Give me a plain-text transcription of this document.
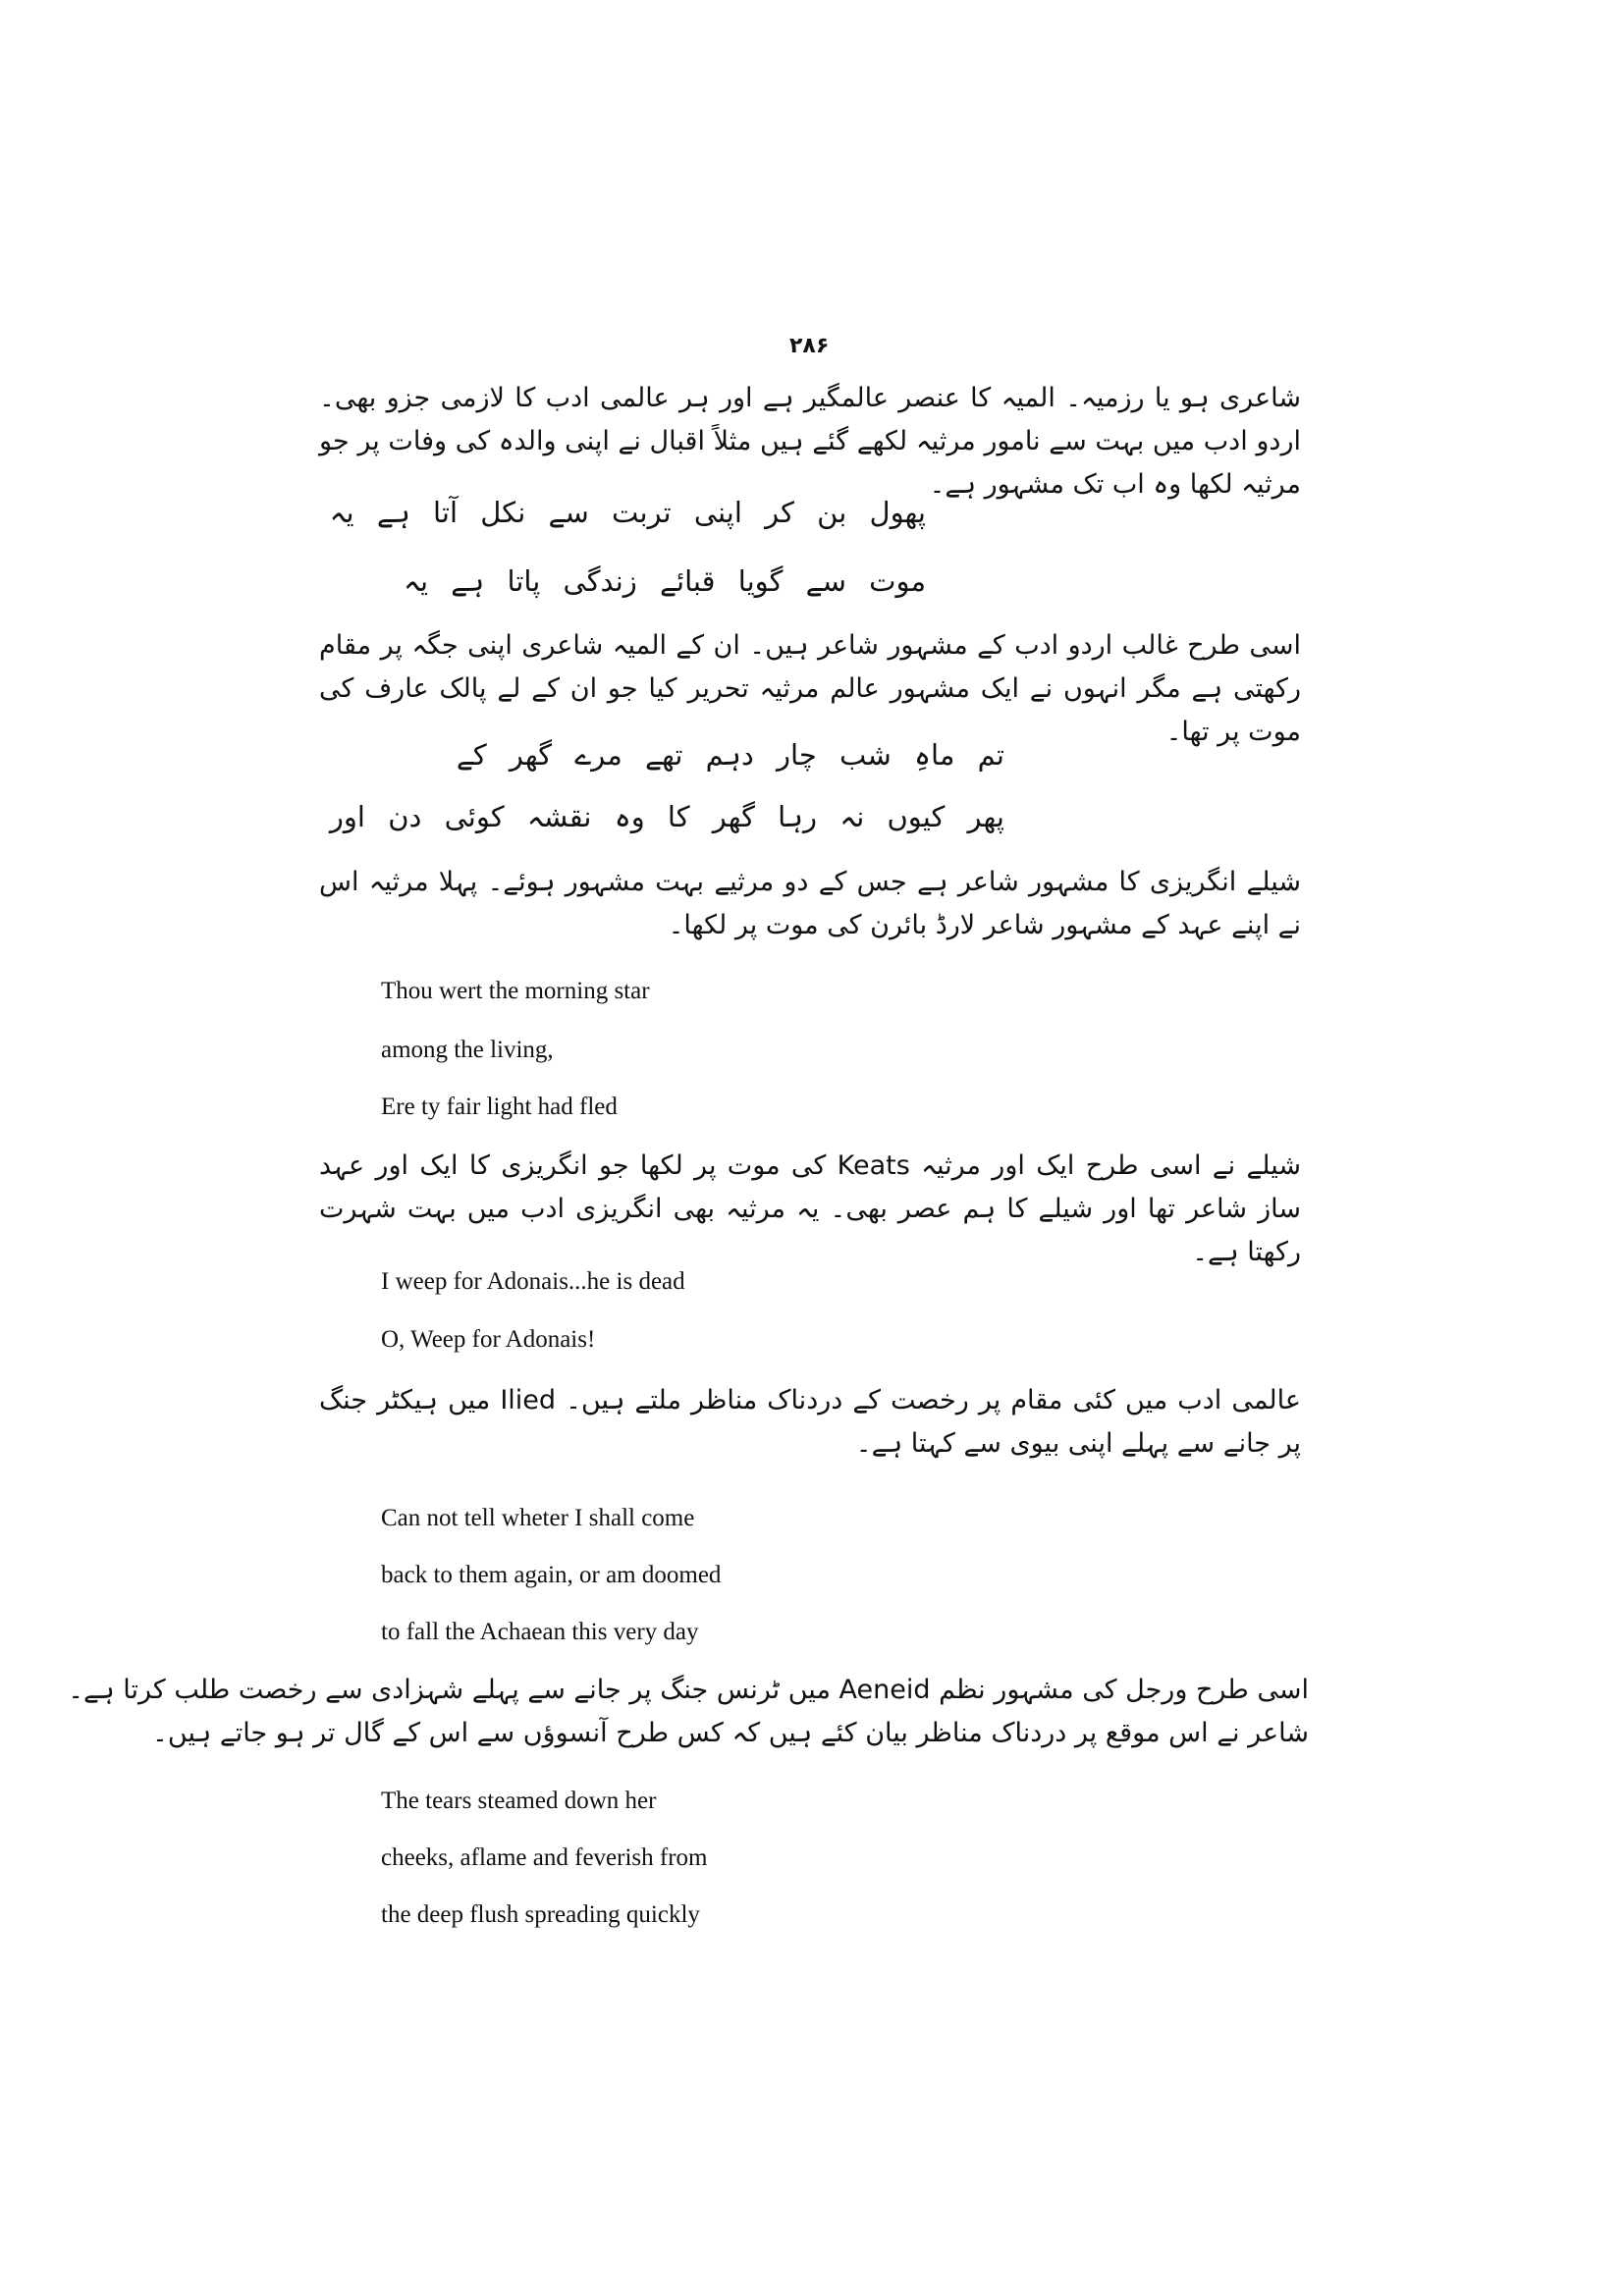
۲۸۶

شاعری ہو یا رزمیہ۔ المیہ کا عنصر عالمگیر ہے اور ہر عالمی ادب کا لازمی جزو بھی۔ اردو ادب میں بہت سے نامور مرثیہ لکھے گئے ہیں مثلاً اقبال نے اپنی والدہ کی وفات پر جو مرثیہ لکھا وہ اب تک مشہور ہے۔

پھول بن کر اپنی تربت سے نکل آتا ہے یہ
موت سے گویا قبائے زندگی پاتا ہے یہ

اسی طرح غالب اردو ادب کے مشہور شاعر ہیں۔ ان کے المیہ شاعری اپنی جگہ پر مقام رکھتی ہے مگر انہوں نے ایک مشہور عالم مرثیہ تحریر کیا جو ان کے لے پالک عارف کی موت پر تھا۔

تم ماہِ شب چار دہم تھے مرے گھر کے
پھر کیوں نہ رہا گھر کا وہ نقشہ کوئی دن اور

شیلے انگریزی کا مشہور شاعر ہے جس کے دو مرثیے بہت مشہور ہوئے۔ پہلا مرثیہ اس نے اپنے عہد کے مشہور شاعر لارڈ بائرن کی موت پر لکھا۔

Thou wert the morning star
among the living,
Ere ty fair light had fled

شیلے نے اسی طرح ایک اور مرثیہ Keats کی موت پر لکھا جو انگریزی کا ایک اور عہد ساز شاعر تھا اور شیلے کا ہم عصر بھی۔ یہ مرثیہ بھی انگریزی ادب میں بہت شہرت رکھتا ہے۔

I weep for Adonais...he is dead
O, Weep for Adonais!

عالمی ادب میں کئی مقام پر رخصت کے دردناک مناظر ملتے ہیں۔ Ilied میں ہیکٹر جنگ پر جانے سے پہلے اپنی بیوی سے کہتا ہے۔

Can not tell wheter I shall come
back to them again, or am doomed
to fall the Achaean this very day
اسی طرح ورجل کی مشہور نظم Aeneid میں ٹرنس جنگ پر جانے سے پہلے شہزادی سے رخصت طلب کرتا ہے۔
شاعر نے اس موقع پر دردناک مناظر بیان کئے ہیں کہ کس طرح آنسوؤں سے اس کے گال تر ہو جاتے ہیں۔
The tears steamed down her
cheeks, aflame and feverish from
the deep flush spreading quickly
